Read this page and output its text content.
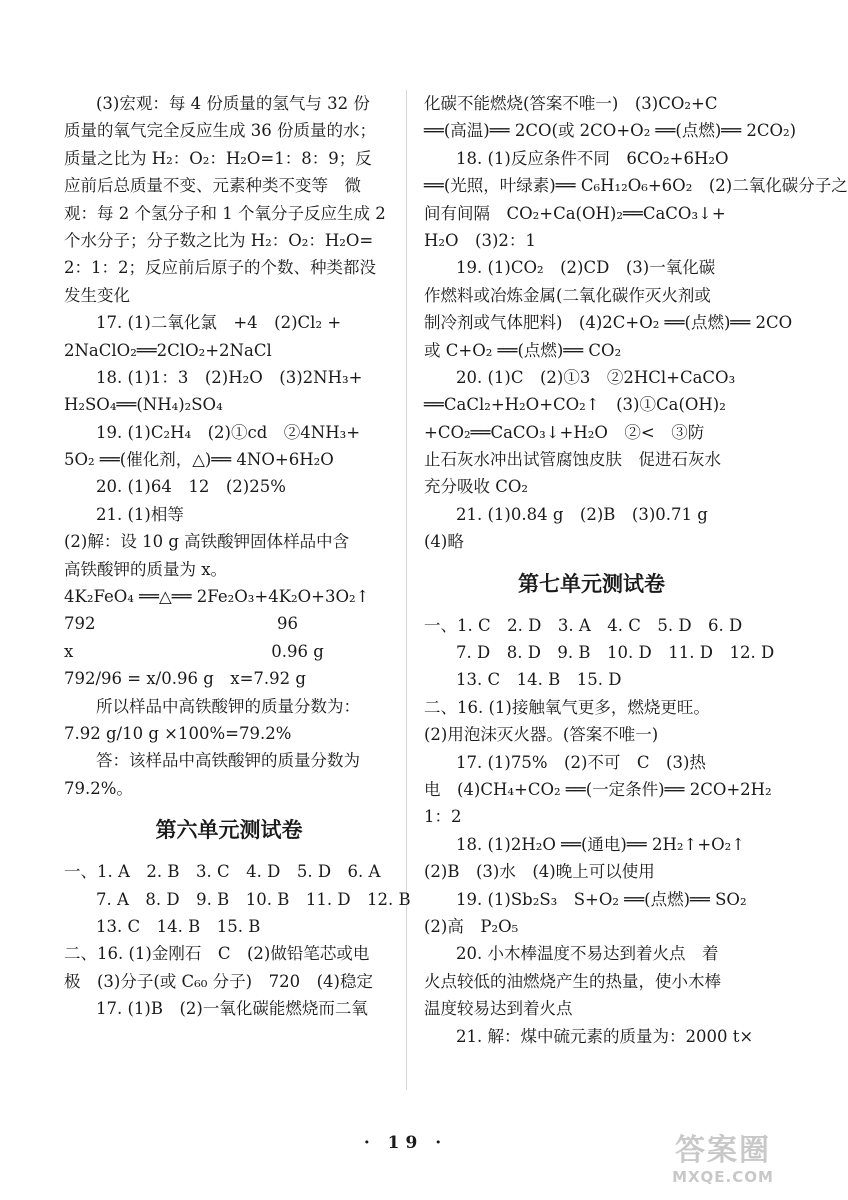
(3)宏观：每 4 份质量的氢气与 32 份
质量的氧气完全反应生成 36 份质量的水；
质量之比为 H₂：O₂：H₂O=1：8：9；反
应前后总质量不变、元素种类不变等　微
观：每 2 个氢分子和 1 个氧分子反应生成 2
个水分子；分子数之比为 H₂：O₂：H₂O=
2：1：2；反应前后原子的个数、种类都没
发生变化
17. (1)二氧化氯　+4　(2)Cl₂ +
2NaClO₂══2ClO₂+2NaCl
18. (1)1：3　(2)H₂O　(3)2NH₃+
H₂SO₄══(NH₄)₂SO₄
19. (1)C₂H₄　(2)①cd　②4NH₃+
5O₂ ══(催化剂，△)══ 4NO+6H₂O
20. (1)64　12　(2)25%
21. (1)相等
(2)解：设 10 g 高铁酸钾固体样品中含
高铁酸钾的质量为 x。
4K₂FeO₄ ══△══ 2Fe₂O₃+4K₂O+3O₂↑
792　　　　　　　　　　　96
x　　　　　　　　　　　　0.96 g
792/96 = x/0.96 g　x=7.92 g
所以样品中高铁酸钾的质量分数为：
7.92 g/10 g ×100%=79.2%
答：该样品中高铁酸钾的质量分数为
79.2%。
第六单元测试卷
一、1. A　2. B　3. C　4. D　5. D　6. A
7. A　8. D　9. B　10. B　11. D　12. B
13. C　14. B　15. B
二、16. (1)金刚石　C　(2)做铅笔芯或电
极　(3)分子(或 C₆₀ 分子)　720　(4)稳定
17. (1)B　(2)一氧化碳能燃烧而二氧
化碳不能燃烧(答案不唯一)　(3)CO₂+C
══(高温)══ 2CO(或 2CO+O₂ ══(点燃)══ 2CO₂)
18. (1)反应条件不同　6CO₂+6H₂O
══(光照，叶绿素)══ C₆H₁₂O₆+6O₂　(2)二氧化碳分子之
间有间隔　CO₂+Ca(OH)₂══CaCO₃↓+
H₂O　(3)2：1
19. (1)CO₂　(2)CD　(3)一氧化碳
作燃料或冶炼金属(二氧化碳作灭火剂或
制冷剂或气体肥料)　(4)2C+O₂ ══(点燃)══ 2CO
或 C+O₂ ══(点燃)══ CO₂
20. (1)C　(2)①3　②2HCl+CaCO₃
══CaCl₂+H₂O+CO₂↑　(3)①Ca(OH)₂
+CO₂══CaCO₃↓+H₂O　②<　③防
止石灰水冲出试管腐蚀皮肤　促进石灰水
充分吸收 CO₂
21. (1)0.84 g　(2)B　(3)0.71 g
(4)略
第七单元测试卷
一、1. C　2. D　3. A　4. C　5. D　6. D
7. D　8. D　9. B　10. D　11. D　12. D
13. C　14. B　15. D
二、16. (1)接触氧气更多，燃烧更旺。
(2)用泡沫灭火器。(答案不唯一)
17. (1)75%　(2)不可　C　(3)热
电　(4)CH₄+CO₂ ══(一定条件)══ 2CO+2H₂
1：2
18. (1)2H₂O ══(通电)══ 2H₂↑+O₂↑
(2)B　(3)水　(4)晚上可以使用
19. (1)Sb₂S₃　S+O₂ ══(点燃)══ SO₂
(2)高　P₂O₅
20. 小木棒温度不易达到着火点　着
火点较低的油燃烧产生的热量，使小木棒
温度较易达到着火点
21. 解：煤中硫元素的质量为：2000 t×
· 19 ·	答案圈
MXQE.COM
